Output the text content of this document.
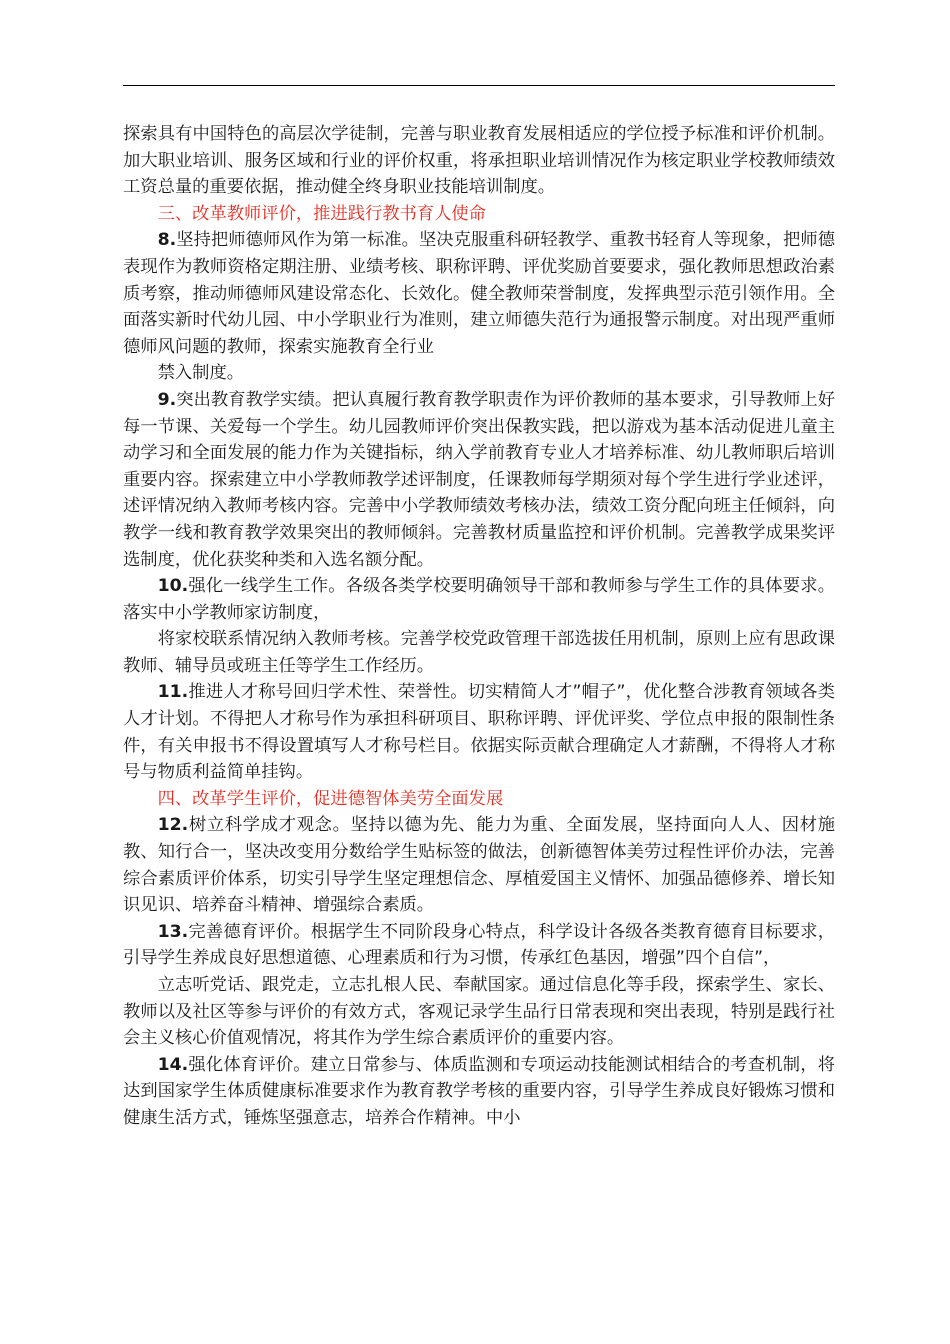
探索具有中国特色的高层次学徒制，完善与职业教育发展相适应的学位授予标准和评价机制。加大职业培训、服务区域和行业的评价权重，将承担职业培训情况作为核定职业学校教师绩效工资总量的重要依据，推动健全终身职业技能培训制度。

三、改革教师评价，推进践行教书育人使命

8.坚持把师德师风作为第一标准。坚决克服重科研轻教学、重教书轻育人等现象，把师德表现作为教师资格定期注册、业绩考核、职称评聘、评优奖励首要要求，强化教师思想政治素质考察，推动师德师风建设常态化、长效化。健全教师荣誉制度，发挥典型示范引领作用。全面落实新时代幼儿园、中小学职业行为准则，建立师德失范行为通报警示制度。对出现严重师德师风问题的教师，探索实施教育全行业

禁入制度。

9.突出教育教学实绩。把认真履行教育教学职责作为评价教师的基本要求，引导教师上好每一节课、关爱每一个学生。幼儿园教师评价突出保教实践，把以游戏为基本活动促进儿童主动学习和全面发展的能力作为关键指标，纳入学前教育专业人才培养标准、幼儿教师职后培训重要内容。探索建立中小学教师教学述评制度，任课教师每学期须对每个学生进行学业述评，述评情况纳入教师考核内容。完善中小学教师绩效考核办法，绩效工资分配向班主任倾斜，向教学一线和教育教学效果突出的教师倾斜。完善教材质量监控和评价机制。完善教学成果奖评选制度，优化获奖种类和入选名额分配。

10.强化一线学生工作。各级各类学校要明确领导干部和教师参与学生工作的具体要求。落实中小学教师家访制度，

将家校联系情况纳入教师考核。完善学校党政管理干部选拔任用机制，原则上应有思政课教师、辅导员或班主任等学生工作经历。

11.推进人才称号回归学术性、荣誉性。切实精简人才”帽子”，优化整合涉教育领域各类人才计划。不得把人才称号作为承担科研项目、职称评聘、评优评奖、学位点申报的限制性条件，有关申报书不得设置填写人才称号栏目。依据实际贡献合理确定人才薪酬，不得将人才称号与物质利益简单挂钩。

四、改革学生评价，促进德智体美劳全面发展

12.树立科学成才观念。坚持以德为先、能力为重、全面发展，坚持面向人人、因材施教、知行合一，坚决改变用分数给学生贴标签的做法，创新德智体美劳过程性评价办法，完善综合素质评价体系，切实引导学生坚定理想信念、厚植爱国主义情怀、加强品德修养、增长知识见识、培养奋斗精神、增强综合素质。

13.完善德育评价。根据学生不同阶段身心特点，科学设计各级各类教育德育目标要求，引导学生养成良好思想道德、心理素质和行为习惯，传承红色基因，增强”四个自信”，

立志听党话、跟党走，立志扎根人民、奉献国家。通过信息化等手段，探索学生、家长、教师以及社区等参与评价的有效方式，客观记录学生品行日常表现和突出表现，特别是践行社会主义核心价值观情况，将其作为学生综合素质评价的重要内容。

14.强化体育评价。建立日常参与、体质监测和专项运动技能测试相结合的考查机制，将达到国家学生体质健康标准要求作为教育教学考核的重要内容，引导学生养成良好锻炼习惯和健康生活方式，锤炼坚强意志，培养合作精神。中小
